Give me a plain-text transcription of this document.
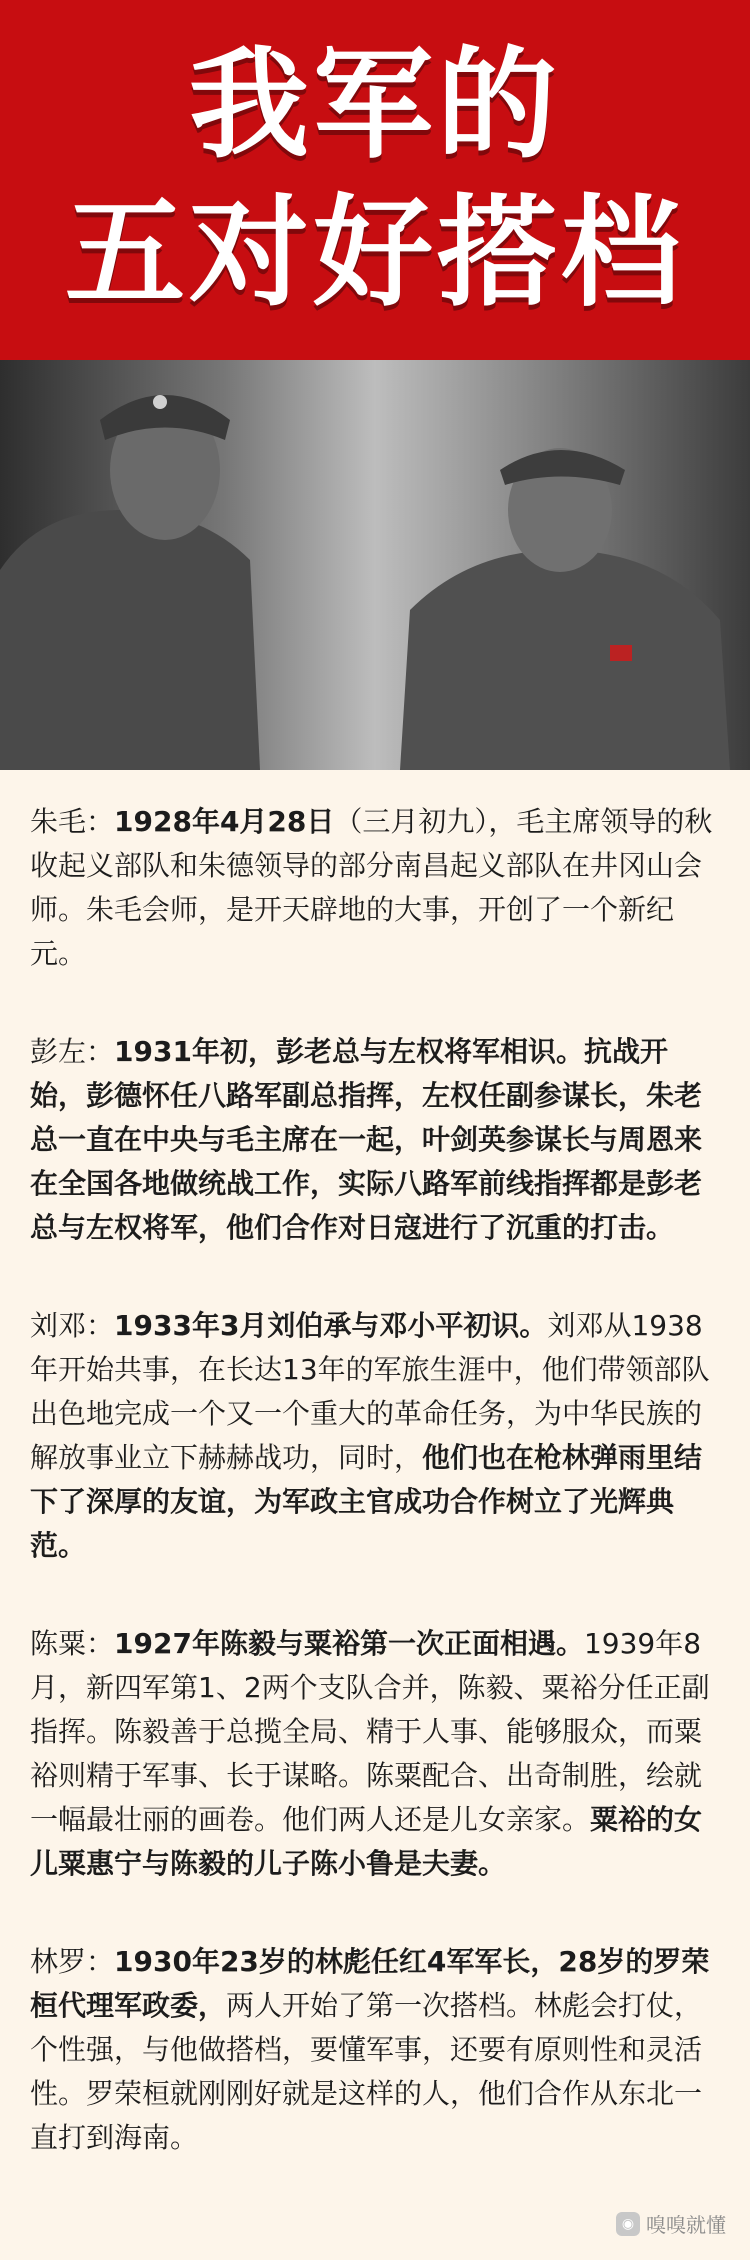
我军的
五对好搭档

朱毛：1928年4月28日（三月初九），毛主席领导的秋收起义部队和朱德领导的部分南昌起义部队在井冈山会师。朱毛会师，是开天辟地的大事，开创了一个新纪元。

彭左：1931年初，彭老总与左权将军相识。抗战开始，彭德怀任八路军副总指挥，左权任副参谋长，朱老总一直在中央与毛主席在一起，叶剑英参谋长与周恩来在全国各地做统战工作，实际八路军前线指挥都是彭老总与左权将军，他们合作对日寇进行了沉重的打击。

刘邓：1933年3月刘伯承与邓小平初识。刘邓从1938年开始共事，在长达13年的军旅生涯中，他们带领部队出色地完成一个又一个重大的革命任务，为中华民族的解放事业立下赫赫战功，同时，他们也在枪林弹雨里结下了深厚的友谊，为军政主官成功合作树立了光辉典范。

陈粟：1927年陈毅与粟裕第一次正面相遇。1939年8月，新四军第1、2两个支队合并，陈毅、粟裕分任正副指挥。陈毅善于总揽全局、精于人事、能够服众，而粟裕则精于军事、长于谋略。陈粟配合、出奇制胜，绘就一幅最壮丽的画卷。他们两人还是儿女亲家。粟裕的女儿粟惠宁与陈毅的儿子陈小鲁是夫妻。

林罗：1930年23岁的林彪任红4军军长，28岁的罗荣桓代理军政委，两人开始了第一次搭档。林彪会打仗，个性强，与他做搭档，要懂军事，还要有原则性和灵活性。罗荣桓就刚刚好就是这样的人，他们合作从东北一直打到海南。

◉ 嗅嗅就懂
